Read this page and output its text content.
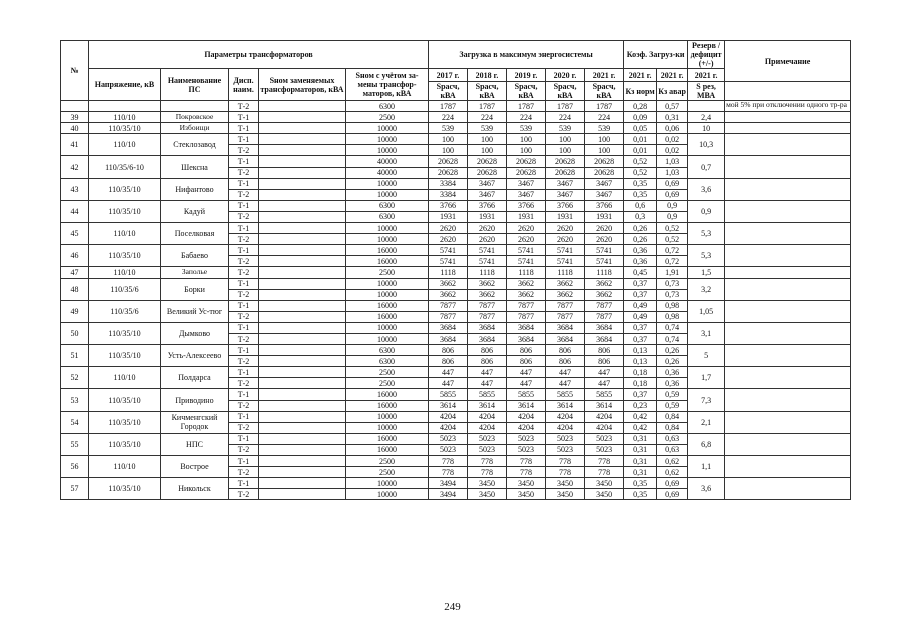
№	Параметры трансформаторов					Загрузка в максимум энергосистемы					Коэф. Загруз-ки		Резерв /дефицит (+/-)	Примечание
	Напряжение, кВ	Наименование ПС	Дисп. наим.	Sном заменяемых трансформаторов, кВА	Sном с учётом за-мены трансфор-маторов, кВА	2017 г.	2018 г.	2019 г.	2020 г.	2021 г.	2021 г.	2021 г.	2021 г.	
						Sрасч, кВА	Sрасч, кВА	Sрасч, кВА	Sрасч, кВА	Sрасч, кВА	Кз норм	Кз авар	S рез, МВА	
			Т-2		6300	1787	1787	1787	1787	1787	0,28	0,57		мой 5% при отключении одного тр-ра
39	110/10	Покровское	Т-1		2500	224	224	224	224	224	0,09	0,31	2,4	
40	110/35/10	Избоищи	Т-1		10000	539	539	539	539	539	0,05	0,06	10	
41	110/10	Стеклозавод	Т-1		10000	100	100	100	100	100	0,01	0,02	10,3	
			Т-2		10000	100	100	100	100	100	0,01	0,02		
42	110/35/6-10	Шексна	Т-1		40000	20628	20628	20628	20628	20628	0,52	1,03	0,7	
			Т-2		40000	20628	20628	20628	20628	20628	0,52	1,03		
43	110/35/10	Нифантово	Т-1		10000	3384	3467	3467	3467	3467	0,35	0,69	3,6	
			Т-2		10000	3384	3467	3467	3467	3467	0,35	0,69		
44	110/35/10	Кадуй	Т-1		6300	3766	3766	3766	3766	3766	0,6	0,9	0,9	
			Т-2		6300	1931	1931	1931	1931	1931	0,3	0,9		
45	110/10	Поселковая	Т-1		10000	2620	2620	2620	2620	2620	0,26	0,52	5,3	
			Т-2		10000	2620	2620	2620	2620	2620	0,26	0,52		
46	110/35/10	Бабаево	Т-1		16000	5741	5741	5741	5741	5741	0,36	0,72	5,3	
			Т-2		16000	5741	5741	5741	5741	5741	0,36	0,72		
47	110/10	Заполье	Т-2		2500	1118	1118	1118	1118	1118	0,45	1,91	1,5	
48	110/35/6	Борки	Т-1		10000	3662	3662	3662	3662	3662	0,37	0,73	3,2	
			Т-2		10000	3662	3662	3662	3662	3662	0,37	0,73		
49	110/35/6	Великий Ус-тюг	Т-1		16000	7877	7877	7877	7877	7877	0,49	0,98	1,05	
			Т-2		16000	7877	7877	7877	7877	7877	0,49	0,98		
50	110/35/10	Дымково	Т-1		10000	3684	3684	3684	3684	3684	0,37	0,74	3,1	
			Т-2		10000	3684	3684	3684	3684	3684	0,37	0,74		
51	110/35/10	Усть-Алексеево	Т-1		6300	806	806	806	806	806	0,13	0,26	5	
			Т-2		6300	806	806	806	806	806	0,13	0,26		
52	110/10	Полдарса	Т-1		2500	447	447	447	447	447	0,18	0,36	1,7	
			Т-2		2500	447	447	447	447	447	0,18	0,36		
53	110/35/10	Приводино	Т-1		16000	5855	5855	5855	5855	5855	0,37	0,59	7,3	
			Т-2		16000	3614	3614	3614	3614	3614	0,23	0,59		
54	110/35/10	Кичменгский Городок	Т-1		10000	4204	4204	4204	4204	4204	0,42	0,84	2,1	
			Т-2		10000	4204	4204	4204	4204	4204	0,42	0,84		
55	110/35/10	НПС	Т-1		16000	5023	5023	5023	5023	5023	0,31	0,63	6,8	
			Т-2		16000	5023	5023	5023	5023	5023	0,31	0,63		
56	110/10	Вострое	Т-1		2500	778	778	778	778	778	0,31	0,62	1,1	
			Т-2		2500	778	778	778	778	778	0,31	0,62		
57	110/35/10	Никольск	Т-1		10000	3494	3450	3450	3450	3450	0,35	0,69	3,6	
			Т-2		10000	3494	3450	3450	3450	3450	0,35	0,69		
249
